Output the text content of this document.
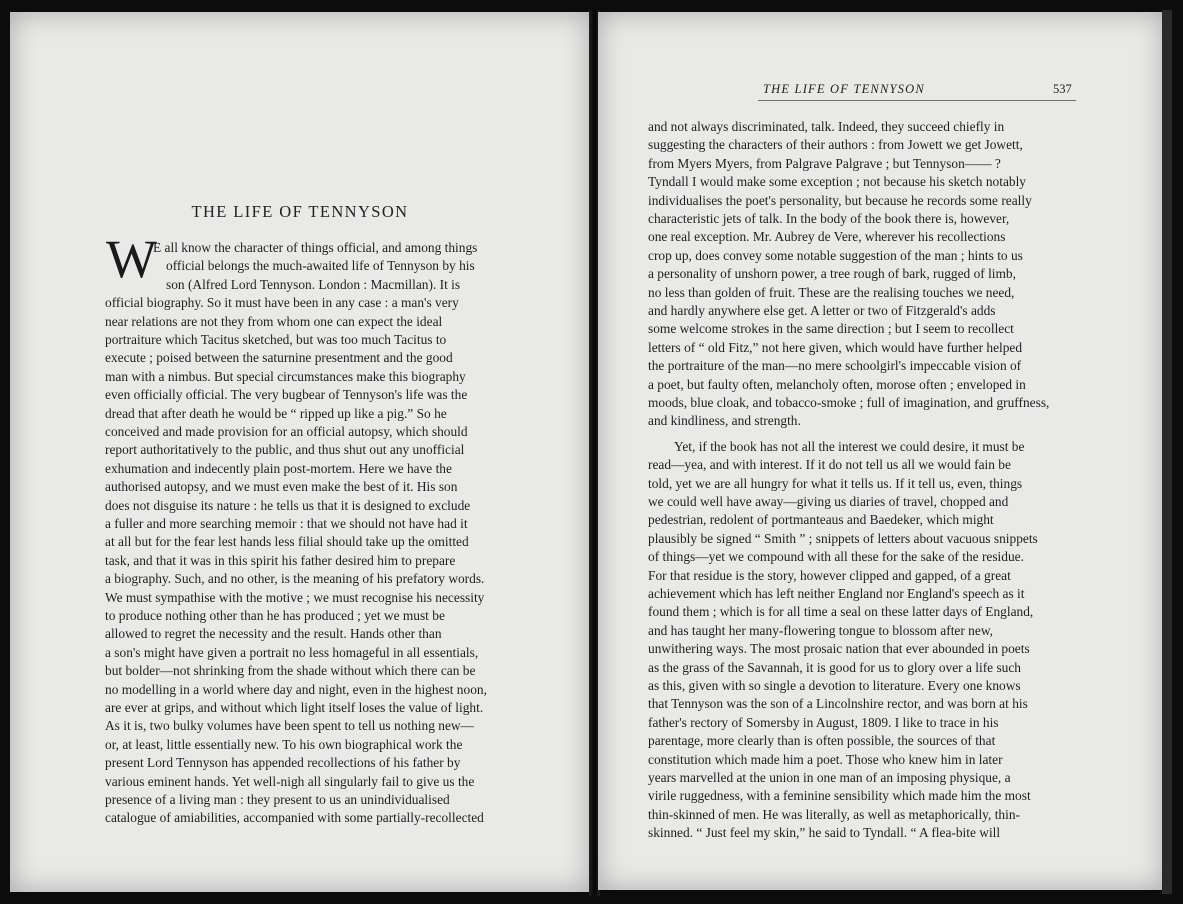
THE LIFE OF TENNYSON
W
E all know the character of things official, and among things
official belongs the much-awaited life of Tennyson by his
son (Alfred Lord Tennyson. London : Macmillan). It is
official biography. So it must have been in any case : a man's very
near relations are not they from whom one can expect the ideal
portraiture which Tacitus sketched, but was too much Tacitus to
execute ; poised between the saturnine presentment and the good
man with a nimbus. But special circumstances make this biography
even officially official. The very bugbear of Tennyson's life was the
dread that after death he would be “ ripped up like a pig.” So he
conceived and made provision for an official autopsy, which should
report authoritatively to the public, and thus shut out any unofficial
exhumation and indecently plain post-mortem. Here we have the
authorised autopsy, and we must even make the best of it. His son
does not disguise its nature : he tells us that it is designed to exclude
a fuller and more searching memoir : that we should not have had it
at all but for the fear lest hands less filial should take up the omitted
task, and that it was in this spirit his father desired him to prepare
a biography. Such, and no other, is the meaning of his prefatory words.
We must sympathise with the motive ; we must recognise his necessity
to produce nothing other than he has produced ; yet we must be
allowed to regret the necessity and the result. Hands other than
a son's might have given a portrait no less homageful in all essentials,
but bolder—not shrinking from the shade without which there can be
no modelling in a world where day and night, even in the highest noon,
are ever at grips, and without which light itself loses the value of light.
As it is, two bulky volumes have been spent to tell us nothing new—
or, at least, little essentially new. To his own biographical work the
present Lord Tennyson has appended recollections of his father by
various eminent hands. Yet well-nigh all singularly fail to give us the
presence of a living man : they present to us an unindividualised
catalogue of amiabilities, accompanied with some partially-recollected
THE LIFE OF TENNYSON	537
and not always discriminated, talk. Indeed, they succeed chiefly in
suggesting the characters of their authors : from Jowett we get Jowett,
from Myers Myers, from Palgrave Palgrave ; but Tennyson—— ?
Tyndall I would make some exception ; not because his sketch notably
individualises the poet's personality, but because he records some really
characteristic jets of talk. In the body of the book there is, however,
one real exception. Mr. Aubrey de Vere, wherever his recollections
crop up, does convey some notable suggestion of the man ; hints to us
a personality of unshorn power, a tree rough of bark, rugged of limb,
no less than golden of fruit. These are the realising touches we need,
and hardly anywhere else get. A letter or two of Fitzgerald's adds
some welcome strokes in the same direction ; but I seem to recollect
letters of “ old Fitz,” not here given, which would have further helped
the portraiture of the man—no mere schoolgirl's impeccable vision of
a poet, but faulty often, melancholy often, morose often ; enveloped in
moods, blue cloak, and tobacco-smoke ; full of imagination, and gruffness,
and kindliness, and strength.
Yet, if the book has not all the interest we could desire, it must be
read—yea, and with interest. If it do not tell us all we would fain be
told, yet we are all hungry for what it tells us. If it tell us, even, things
we could well have away—giving us diaries of travel, chopped and
pedestrian, redolent of portmanteaus and Baedeker, which might
plausibly be signed “ Smith ” ; snippets of letters about vacuous snippets
of things—yet we compound with all these for the sake of the residue.
For that residue is the story, however clipped and gapped, of a great
achievement which has left neither England nor England's speech as it
found them ; which is for all time a seal on these latter days of England,
and has taught her many-flowering tongue to blossom after new,
unwithering ways. The most prosaic nation that ever abounded in poets
as the grass of the Savannah, it is good for us to glory over a life such
as this, given with so single a devotion to literature. Every one knows
that Tennyson was the son of a Lincolnshire rector, and was born at his
father's rectory of Somersby in August, 1809. I like to trace in his
parentage, more clearly than is often possible, the sources of that
constitution which made him a poet. Those who knew him in later
years marvelled at the union in one man of an imposing physique, a
virile ruggedness, with a feminine sensibility which made him the most
thin-skinned of men. He was literally, as well as metaphorically, thin-
skinned. “ Just feel my skin,” he said to Tyndall. “ A flea-bite will
